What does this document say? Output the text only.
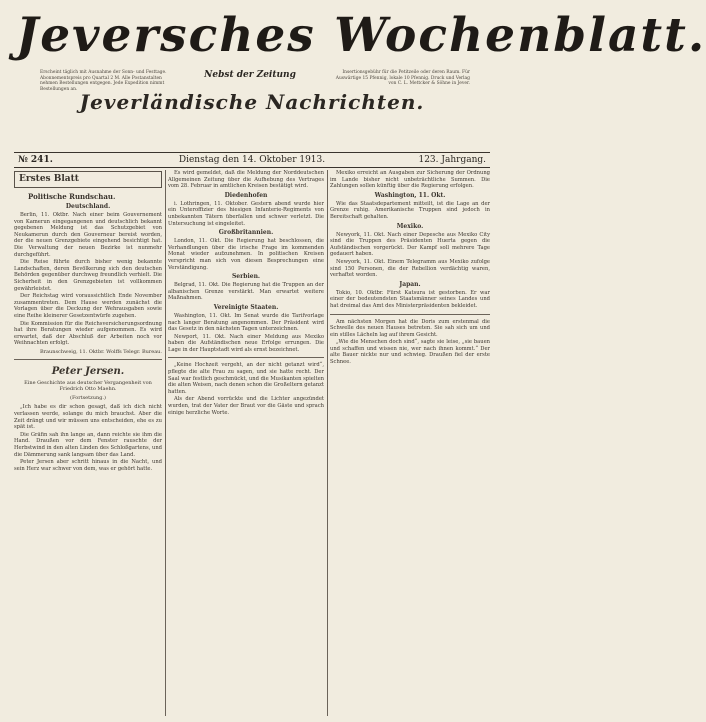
Jeversches Wochenblatt.
Erscheint täglich mit Ausnahme der Sonn- und Festtage. Abonnementspreis pro Quartal 2 M. Alle Postanstalten nehmen Bestellungen entgegen. Jede Expedition nimmt Bestellungen an.
Nebst der Zeitung	Insertionsgebühr für die Petitzeile oder deren Raum. Für Auswärtige 15 Pfennig, lokale 10 Pfennig. Druck und Verlag von C. L. Mettcker & Söhne in Jever.
Jeverländische Nachrichten.
№ 241.	Dienstag den 14. Oktober 1913.	123. Jahrgang.
Erstes Blatt
Politische Rundschau.
Deutschland.

Berlin, 11. Oktbr. Nach einer beim Gouvernement von Kamerun eingegangenen und deutschlich bekannt gegebenen Meldung ist das Schutzgebiet von Neukamerun durch den Gouverneur bereist worden, der die neuen Grenzgebiete eingehend besichtigt hat. Die Verwaltung der neuen Bezirke ist nunmehr durchgeführt.

Die Reise führte durch bisher wenig bekannte Landschaften, deren Bevölkerung sich den deutschen Behörden gegenüber durchweg freundlich verhielt. Die Sicherheit in den Grenzgebieten ist vollkommen gewährleistet.

Der Reichstag wird voraussichtlich Ende November zusammentreten. Dem Hause werden zunächst die Vorlagen über die Deckung der Wehrausgaben sowie eine Reihe kleinerer Gesetzentwürfe zugehen.

Die Kommission für die Reichsversicherungsordnung hat ihre Beratungen wieder aufgenommen. Es wird erwartet, daß der Abschluß der Arbeiten noch vor Weihnachten erfolgt.

Braunschweig, 11. Oktbr. Wolffs Telegr. Bureau.
Peter Jersen.
Eine Geschichte aus deutscher Vergangenheit von Friedrich Otto Maehn.
(Fortsetzung.)

„Ich habe es dir schon gesagt, daß ich dich nicht verlassen werde, solange du mich brauchst. Aber die Zeit drängt und wir müssen uns entscheiden, ehe es zu spät ist.

Die Gräfin sah ihn lange an, dann reichte sie ihm die Hand. Draußen vor dem Fenster rauschte der Herbstwind in den alten Linden des Schloßgartens, und die Dämmerung sank langsam über das Land.

Peter Jersen aber schritt hinaus in die Nacht, und sein Herz war schwer von dem, was er gehört hatte.

Es wird gemeldet, daß die Meldung der Norddeutschen Allgemeinen Zeitung über die Aufhebung des Vertrages vom 28. Februar in amtlichen Kreisen bestätigt wird.

Diedenhofen

i. Lothringen, 11. Oktober. Gestern abend wurde hier ein Unteroffizier des hiesigen Infanterie-Regiments von unbekannten Tätern überfallen und schwer verletzt. Die Untersuchung ist eingeleitet.

Großbritannien.

London, 11. Okt. Die Regierung hat beschlossen, die Verhandlungen über die irische Frage im kommenden Monat wieder aufzunehmen. In politischen Kreisen verspricht man sich von diesen Besprechungen eine Verständigung.

Serbien.

Belgrad, 11. Okt. Die Regierung hat die Truppen an der albanischen Grenze verstärkt. Man erwartet weitere Maßnahmen.

Vereinigte Staaten.

Washington, 11. Okt. Im Senat wurde die Tarifvorlage nach langer Beratung angenommen. Der Präsident wird das Gesetz in den nächsten Tagen unterzeichnen.

Newport, 11. Okt. Nach einer Meldung aus Mexiko haben die Aufständischen neue Erfolge errungen. Die Lage in der Hauptstadt wird als ernst bezeichnet.

„Keine Hochzeit vergeht, an der nicht getanzt wird“, pflegte die alte Frau zu sagen, und sie hatte recht. Der Saal war festlich geschmückt, und die Musikanten spielten die alten Weisen, nach denen schon die Großeltern getanzt hatten.

Als der Abend vorrückte und die Lichter angezündet wurden, trat der Vater der Braut vor die Gäste und sprach einige herzliche Worte.

Mexiko erreicht an Ausgaben zur Sicherung der Ordnung im Lande bisher nicht unbeträchtliche Summen. Die Zahlungen sollen künftig über die Regierung erfolgen.

Washington, 11. Okt.

Wie das Staatsdepartement mitteilt, ist die Lage an der Grenze ruhig. Amerikanische Truppen sind jedoch in Bereitschaft gehalten.

Mexiko.

Newyork, 11. Okt. Nach einer Depesche aus Mexiko City sind die Truppen des Präsidenten Huerta gegen die Aufständischen vorgerückt. Der Kampf soll mehrere Tage gedauert haben.

Newyork, 11. Okt. Einem Telegramm aus Mexiko zufolge sind 150 Personen, die der Rebellion verdächtig waren, verhaftet worden.

Japan.

Tokio, 10. Oktbr. Fürst Katsura ist gestorben. Er war einer der bedeutendsten Staatsmänner seines Landes und hat dreimal das Amt des Ministerpräsidenten bekleidet.

Am nächsten Morgen hat die Doris zum erstenmal die Schwelle des neuen Hauses betreten. Sie sah sich um und ein stilles Lächeln lag auf ihrem Gesicht.

„Wie die Menschen doch sind“, sagte sie leise, „sie bauen und schaffen und wissen nie, wer nach ihnen kommt.“ Der alte Bauer nickte nur und schwieg. Draußen fiel der erste Schnee.
